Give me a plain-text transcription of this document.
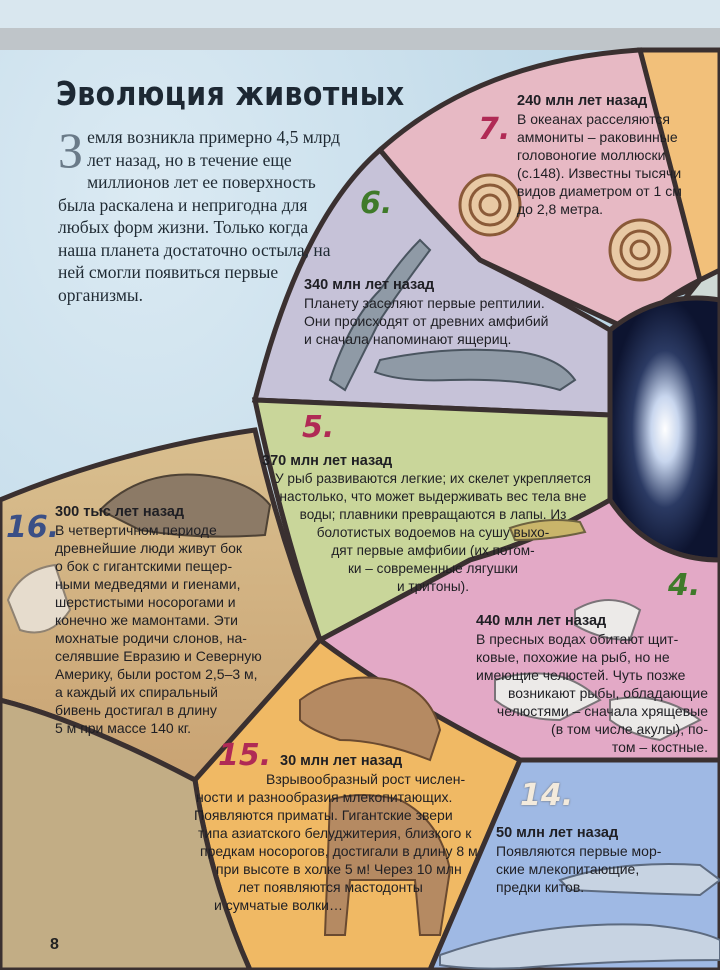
Эволюция животных
Земля возникла примерно 4,5 млрд лет назад, но в течение еще миллионов лет ее поверхность была раскалена и непригодна для любых форм жизни. Только когда наша планета достаточно остыла, на ней смогли появиться первые организмы.
7.
240 млн лет назад
В океанах расселяются
аммониты – раковинные
головоногие моллюски
(с.148). Известны тысячи
видов диаметром от 1 см
до 2,8 метра.
6.
340 млн лет назад
Планету заселяют первые рептилии.
Они происходят от древних амфибий
и сначала напоминают ящериц.
5.
370 млн лет назад
У рыб развиваются легкие; их скелет укрепляется
настолько, что может выдерживать вес тела вне
воды; плавники превращаются в лапы. Из
болотистых водоемов на сушу выхо-
дят первые амфибии (их потом-
ки – современные лягушки
и тритоны).	4.
440 млн лет назад
В пресных водах обитают щит-
ковые, похожие на рыб, но не
имеющие челюстей. Чуть позже
возникают рыбы, обладающие
челюстями – сначала хрящевые
(в том числе акулы), по-
том – костные.
16.
300 тыс лет назад
В четвертичном периоде
древнейшие люди живут бок
о бок с гигантскими пещер-
ными медведями и гиенами,
шерстистыми носорогами и
конечно же мамонтами. Эти
мохнатые родичи слонов, на-
селявшие Евразию и Северную
Америку, были ростом 2,5–3 м,
а каждый их спиральный
бивень достигал в длину
5 м при массе 140 кг.
15. 30 млн лет назад
Взрывообразный рост числен-
ности и разнообразия млекопитающих.
Появляются приматы. Гигантские звери
типа азиатского белуджитерия, близкого к
предкам носорогов, достигали в длину 8 м
при высоте в холке 5 м! Через 10 млн
лет появляются мастодонты
и сумчатые волки…
14.
50 млн лет назад
Появляются первые мор-
ские млекопитающие,
предки китов.
8
